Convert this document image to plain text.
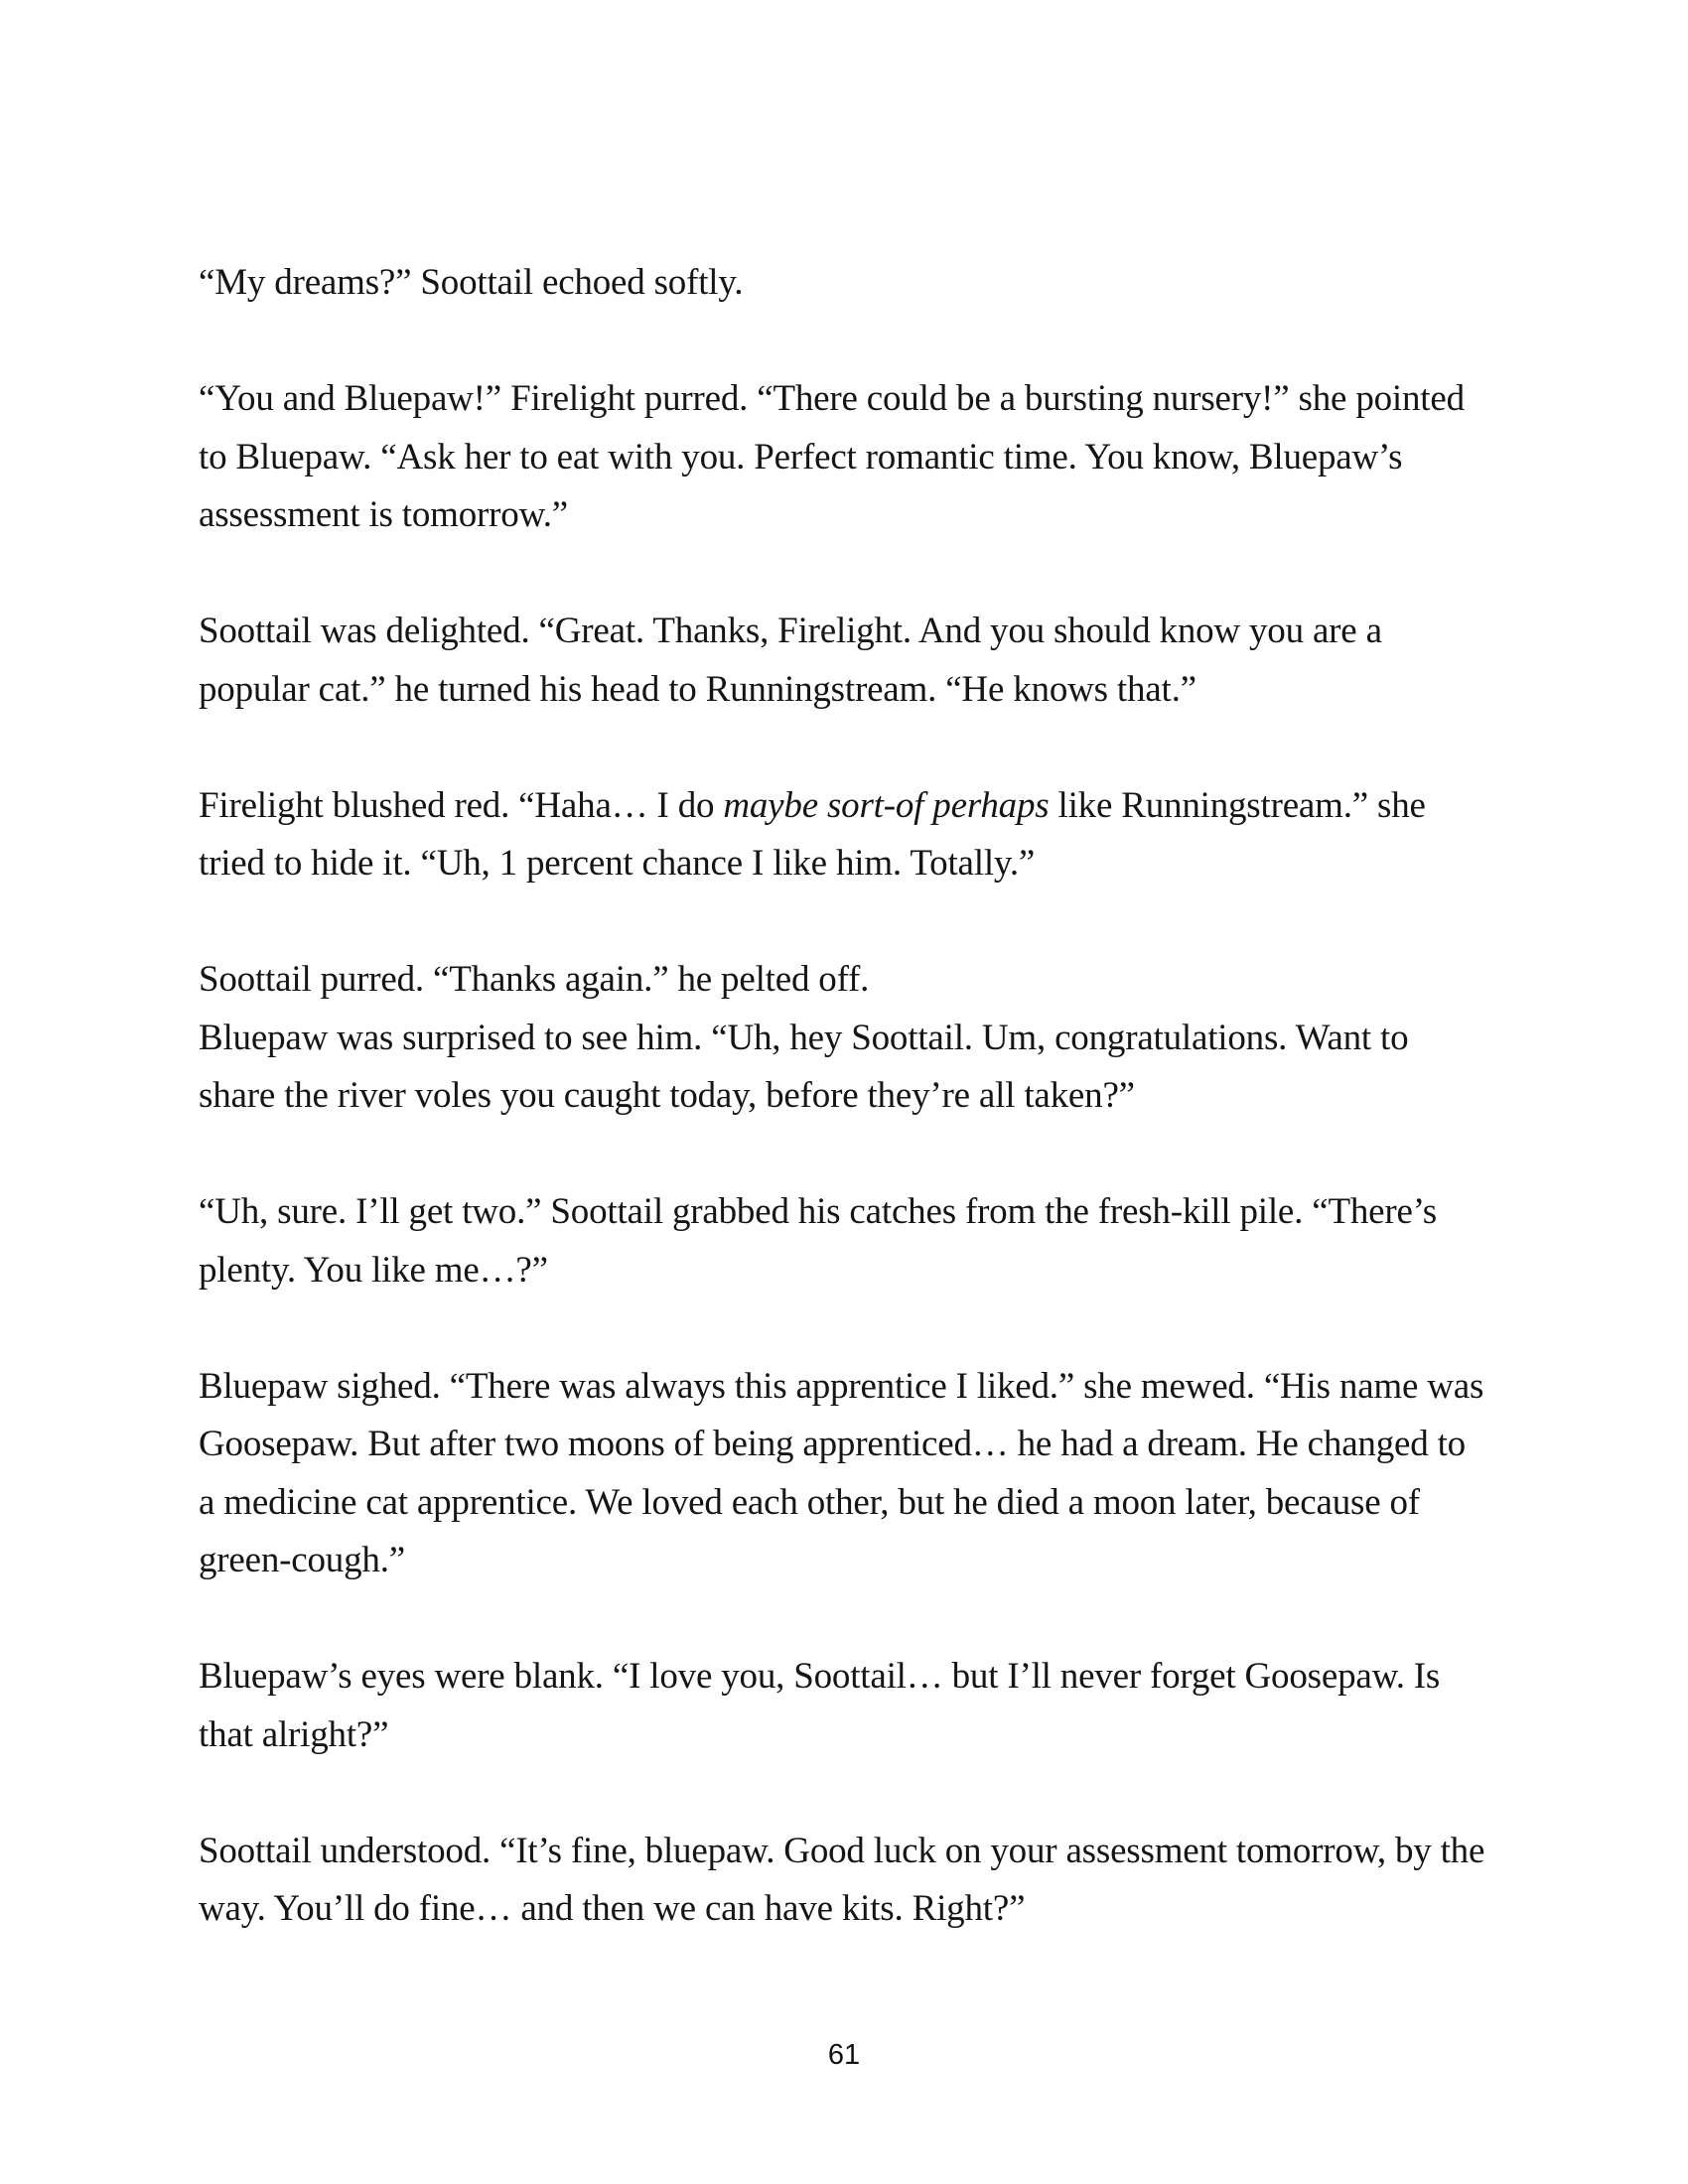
“My dreams?” Soottail echoed softly.

“You and Bluepaw!” Firelight purred. “There could be a bursting nursery!” she pointed to Bluepaw. “Ask her to eat with you. Perfect romantic time. You know, Bluepaw’s assessment is tomorrow.”

Soottail was delighted. “Great. Thanks, Firelight. And you should know you are a popular cat.” he turned his head to Runningstream. “He knows that.”

Firelight blushed red. “Haha… I do maybe sort-of perhaps like Runningstream.” she tried to hide it. “Uh, 1 percent chance I like him. Totally.”

Soottail purred. “Thanks again.” he pelted off.

Bluepaw was surprised to see him. “Uh, hey Soottail. Um, congratulations. Want to share the river voles you caught today, before they’re all taken?”

“Uh, sure. I’ll get two.” Soottail grabbed his catches from the fresh-kill pile. “There’s plenty. You like me…?”

Bluepaw sighed. “There was always this apprentice I liked.” she mewed. “His name was Goosepaw. But after two moons of being apprenticed… he had a dream. He changed to a medicine cat apprentice. We loved each other, but he died a moon later, because of green-cough.”

Bluepaw’s eyes were blank. “I love you, Soottail… but I’ll never forget Goosepaw. Is that alright?”

Soottail understood. “It’s fine, bluepaw. Good luck on your assessment tomorrow, by the way. You’ll do fine… and then we can have kits. Right?”

61
